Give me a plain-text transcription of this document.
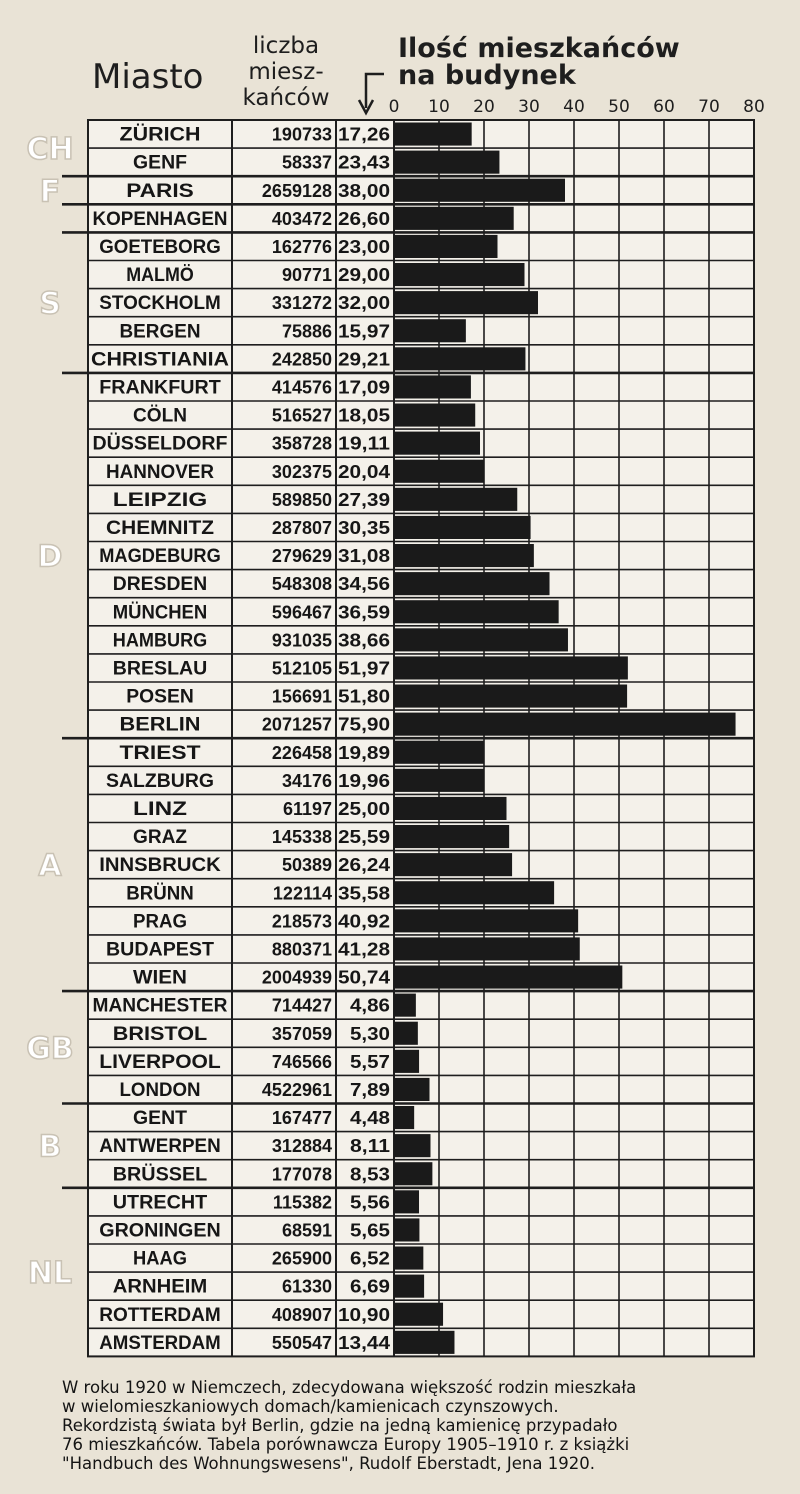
Miasto
liczba
miesz-
kańców
Ilość mieszkańców
na budynek
0 10 20 30 40 50 60 70 80
ZÜRICH	190733 17,26
GENF	58337 23,43
PARIS	2659128 38,00
KOPENHAGEN 403472 26,60
GOETEBORG	162776 23,00
MALMÖ	90771 29,00
STOCKHOLM	331272 32,00
BERGEN	75886 15,97
CHRISTIANIA 242850 29,21
FRANKFURT	414576 17,09
CÖLN	516527 18,05
DÜSSELDORF 358728 19,11
HANNOVER	302375 20,04
LEIPZIG	589850 27,39
CHEMNITZ	287807 30,35
MAGDEBURG	279629 31,08
DRESDEN	548308 34,56
MÜNCHEN	596467 36,59
HAMBURG	931035 38,66
BRESLAU	512105 51,97
POSEN	156691 51,80
BERLIN	2071257 75,90
TRIEST	226458 19,89
SALZBURG	34176 19,96
LINZ	61197 25,00
GRAZ	145338 25,59
INNSBRUCK	50389 26,24
BRÜNN	122114 35,58
PRAG	218573 40,92
BUDAPEST	880371 41,28
WIEN	2004939 50,74
MANCHESTER 714427 4,86
BRISTOL	357059 5,30
LIVERPOOL	746566 5,57
LONDON	4522961 7,89
GENT	167477 4,48
ANTWERPEN	312884 8,11
BRÜSSEL	177078 8,53
UTRECHT	115382 5,56
GRONINGEN	68591 5,65
HAAG	265900 6,52
ARNHEIM	61330 6,69
ROTTERDAM	408907 10,90
AMSTERDAM	550547 13,44
CH
F
S
D
A
GB
B
NL

W roku 1920 w Niemczech, zdecydowana większość rodzin mieszkała
w wielomieszkaniowych domach/kamienicach czynszowych.
Rekordzistą świata był Berlin, gdzie na jedną kamienicę przypadało
76 mieszkańców. Tabela porównawcza Europy 1905–1910 r. z książki
"Handbuch des Wohnungswesens", Rudolf Eberstadt, Jena 1920.
